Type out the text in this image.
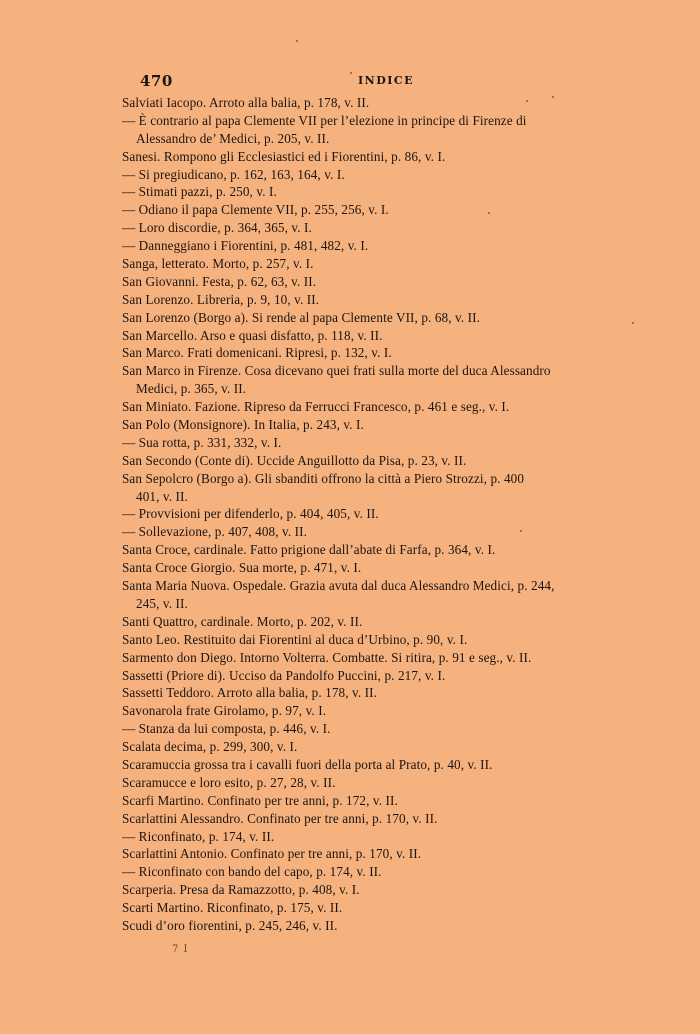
470	INDICE
Salviati Iacopo. Arroto alla balia, p. 178, v. II.
— È contrario al papa Clemente VII per l’elezione in principe di Firenze di
Alessandro de’ Medici, p. 205, v. II.
Sanesi. Rompono gli Ecclesiastici ed i Fiorentini, p. 86, v. I.
— Si pregiudicano, p. 162, 163, 164, v. I.
— Stimati pazzi, p. 250, v. I.
— Odiano il papa Clemente VII, p. 255, 256, v. I.
— Loro discordie, p. 364, 365, v. I.
— Danneggiano i Fiorentini, p. 481, 482, v. I.
Sanga, letterato. Morto, p. 257, v. I.
San Giovanni. Festa, p. 62, 63, v. II.
San Lorenzo. Libreria, p. 9, 10, v. II.
San Lorenzo (Borgo a). Si rende al papa Clemente VII, p. 68, v. II.
San Marcello. Arso e quasi disfatto, p. 118, v. II.
San Marco. Frati domenicani. Ripresi, p. 132, v. I.
San Marco in Firenze. Cosa dicevano quei frati sulla morte del duca Alessandro
Medici, p. 365, v. II.
San Miniato. Fazione. Ripreso da Ferrucci Francesco, p. 461 e seg., v. I.
San Polo (Monsignore). In Italia, p. 243, v. I.
— Sua rotta, p. 331, 332, v. I.
San Secondo (Conte di). Uccide Anguillotto da Pisa, p. 23, v. II.
San Sepolcro (Borgo a). Gli sbanditi offrono la città a Piero Strozzi, p. 400
401, v. II.
— Provvisioni per difenderlo, p. 404, 405, v. II.
— Sollevazione, p. 407, 408, v. II.
Santa Croce, cardinale. Fatto prigione dall’abate di Farfa, p. 364, v. I.
Santa Croce Giorgio. Sua morte, p. 471, v. I.
Santa Maria Nuova. Ospedale. Grazia avuta dal duca Alessandro Medici, p. 244,
245, v. II.
Santi Quattro, cardinale. Morto, p. 202, v. II.
Santo Leo. Restituito dai Fiorentini al duca d’Urbino, p. 90, v. I.
Sarmento don Diego. Intorno Volterra. Combatte. Si ritira, p. 91 e seg., v. II.
Sassetti (Priore di). Ucciso da Pandolfo Puccini, p. 217, v. I.
Sassetti Teddoro. Arroto alla balia, p. 178, v. II.
Savonarola frate Girolamo, p. 97, v. I.
— Stanza da lui composta, p. 446, v. I.
Scalata decima, p. 299, 300, v. I.
Scaramuccia grossa tra i cavalli fuori della porta al Prato, p. 40, v. II.
Scaramucce e loro esito, p. 27, 28, v. II.
Scarfi Martino. Confinato per tre anni, p. 172, v. II.
Scarlattini Alessandro. Confinato per tre anni, p. 170, v. II.
— Riconfinato, p. 174, v. II.
Scarlattini Antonio. Confinato per tre anni, p. 170, v. II.
— Riconfinato con bando del capo, p. 174, v. II.
Scarperia. Presa da Ramazzotto, p. 408, v. I.
Scarti Martino. Riconfinato, p. 175, v. II.
Scudi d’oro fiorentini, p. 245, 246, v. II.
7 I
